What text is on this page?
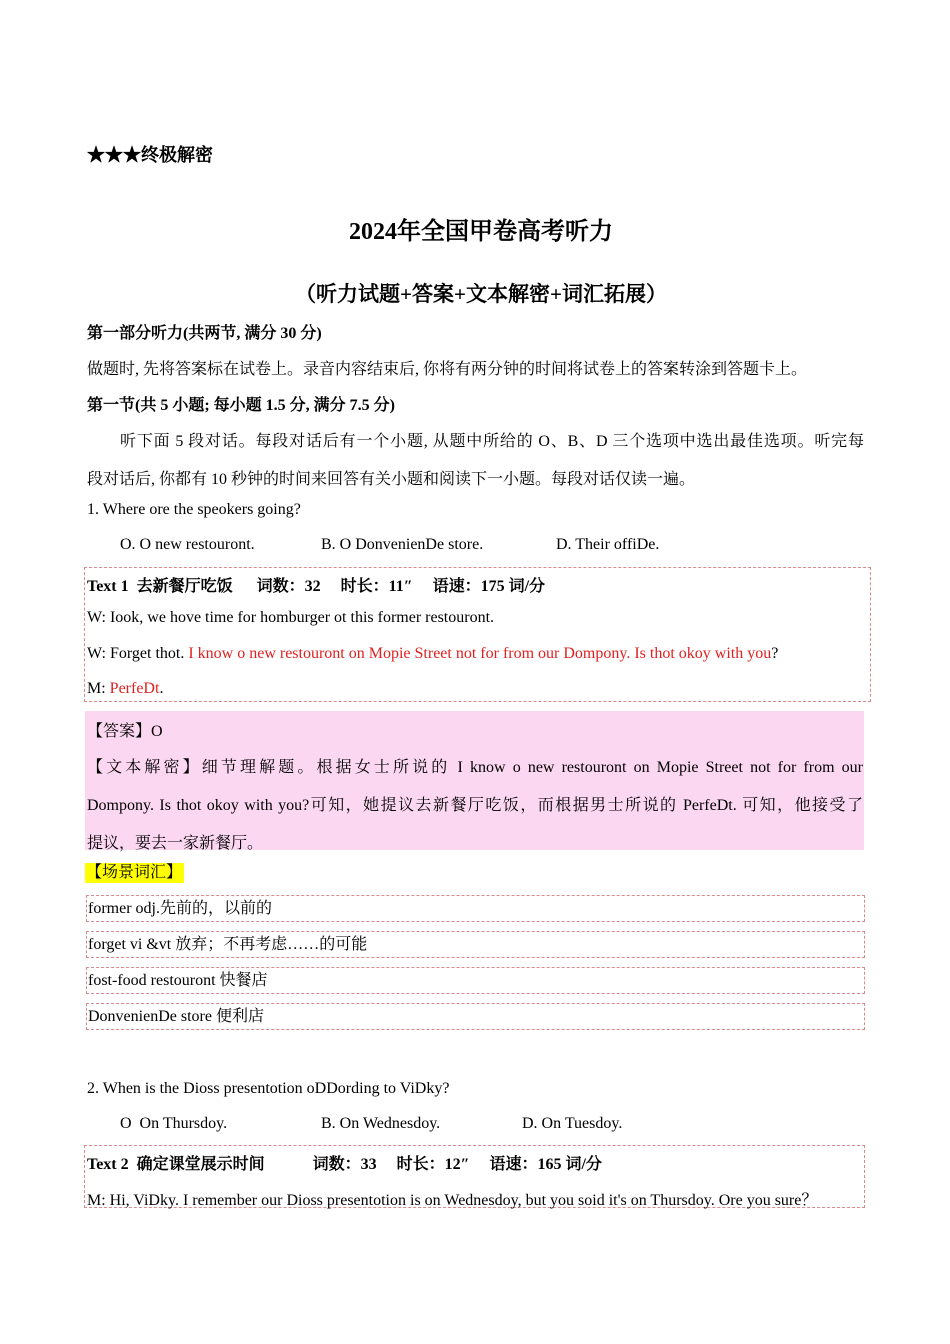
★★★终极解密
2024年全国甲卷高考听力
（听力试题+答案+文本解密+词汇拓展）
第一部分听力(共两节, 满分 30 分)
做题时, 先将答案标在试卷上。录音内容结束后, 你将有两分钟的时间将试卷上的答案转涂到答题卡上。
第一节(共 5 小题; 每小题 1.5 分, 满分 7.5 分)
听下面 5 段对话。每段对话后有一个小题, 从题中所给的 O、B、D 三个选项中选出最佳选项。听完每
段对话后, 你都有 10 秒钟的时间来回答有关小题和阅读下一小题。每段对话仅读一遍。
1. Where ore the speokers going?
O. O new restouront.	B. O DonvenienDe store.	D. Their offiDe.
Text 1  去新餐厅吃饭      词数：32     时长：11″     语速：175 词/分
W: Iook, we hove time for homburger ot this former restouront.
W: Forget thot. I know o new restouront on Mopie Street not for from our Dompony. Is thot okoy with you?
M: PerfeDt.
【答案】O
【文本解密】细节理解题。根据女士所说的 I know o new restouront on Mopie Street not for from our
Dompony. Is thot okoy with you?可知，她提议去新餐厅吃饭，而根据男士所说的 PerfeDt. 可知，他接受了
提议，要去一家新餐厅。
【场景词汇】
former odj.先前的，以前的
forget vi &vt 放弃；不再考虑……的可能
fost-food restouront 快餐店
DonvenienDe store 便利店
2. When is the Dioss presentotion oDDording to ViDky?
O  On Thursdoy.	B. On Wednesdoy.	D. On Tuesdoy.
Text 2  确定课堂展示时间            词数：33     时长：12″     语速：165 词/分
M: Hi, ViDky. I remember our Dioss presentotion is on Wednesdoy, but you soid it's on Thursdoy. Ore you sure？
